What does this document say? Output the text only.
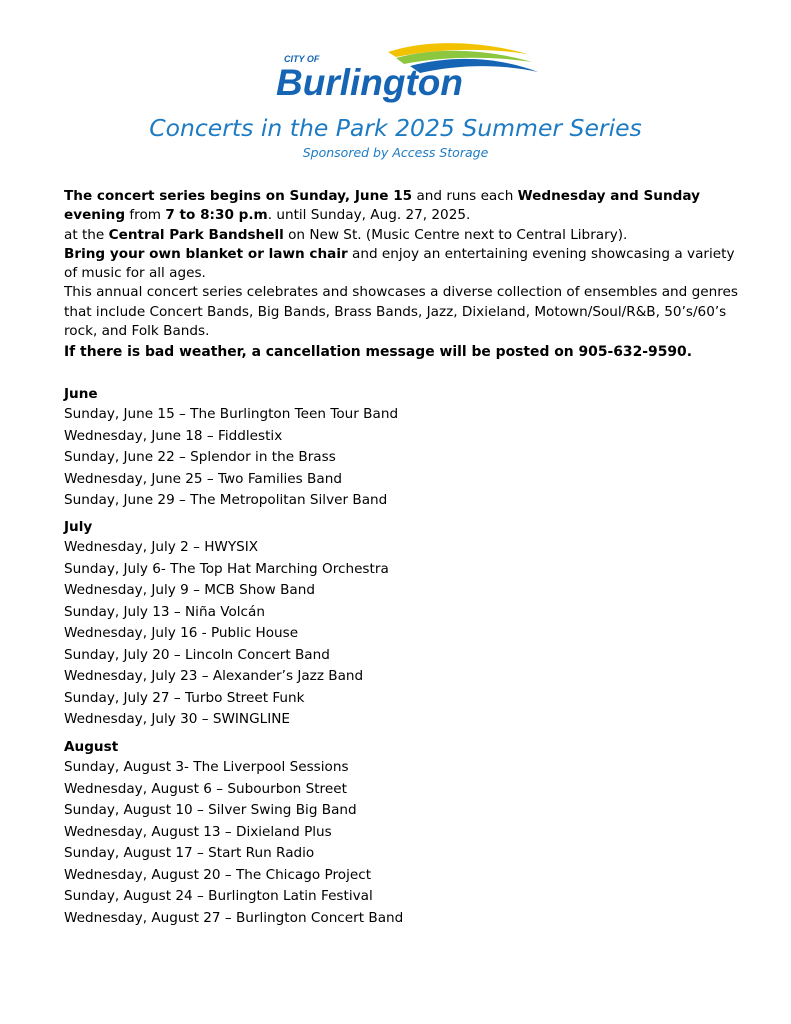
CITY OF
Burlington
Concerts in the Park 2025 Summer Series
Sponsored by Access Storage

The concert series begins on Sunday, June 15 and runs each Wednesday and Sunday evening from 7 to 8:30 p.m. until Sunday, Aug. 27, 2025.

at the Central Park Bandshell on New St. (Music Centre next to Central Library).

Bring your own blanket or lawn chair and enjoy an entertaining evening showcasing a variety of music for all ages.

This annual concert series celebrates and showcases a diverse collection of ensembles and genres that include Concert Bands, Big Bands, Brass Bands, Jazz, Dixieland, Motown/Soul/R&B, 50’s/60’s rock, and Folk Bands.

If there is bad weather, a cancellation message will be posted on 905-632-9590.
June
Sunday, June 15 – The Burlington Teen Tour Band
Wednesday, June 18 – Fiddlestix
Sunday, June 22 – Splendor in the Brass
Wednesday, June 25 – Two Families Band
Sunday, June 29 – The Metropolitan Silver Band
July
Wednesday, July 2 – HWYSIX
Sunday, July 6- The Top Hat Marching Orchestra
Wednesday, July 9 – MCB Show Band
Sunday, July 13 – Niña Volcán
Wednesday, July 16 - Public House
Sunday, July 20 – Lincoln Concert Band
Wednesday, July 23 – Alexander’s Jazz Band
Sunday, July 27 – Turbo Street Funk
Wednesday, July 30 – SWINGLINE
August
Sunday, August 3- The Liverpool Sessions
Wednesday, August 6 – Subourbon Street
Sunday, August 10 – Silver Swing Big Band
Wednesday, August 13 – Dixieland Plus
Sunday, August 17 – Start Run Radio
Wednesday, August 20 – The Chicago Project
Sunday, August 24 – Burlington Latin Festival
Wednesday, August 27 – Burlington Concert Band
